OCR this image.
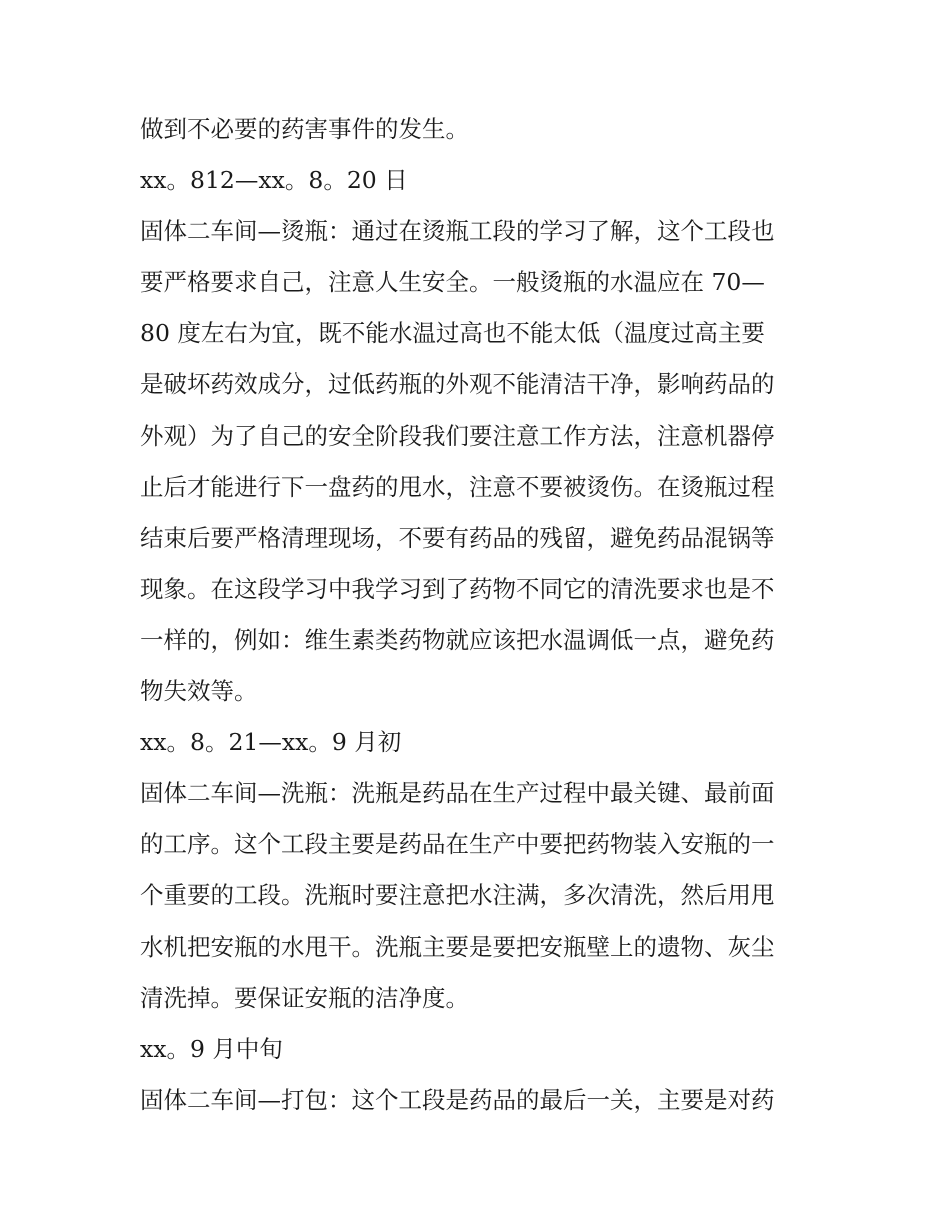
做到不必要的药害事件的发生。
xx。812—xx。8。20 日
固体二车间—烫瓶：通过在烫瓶工段的学习了解，这个工段也
要严格要求自己，注意人生安全。一般烫瓶的水温应在 70—
80 度左右为宜，既不能水温过高也不能太低（温度过高主要
是破坏药效成分，过低药瓶的外观不能清洁干净，影响药品的
外观）为了自己的安全阶段我们要注意工作方法，注意机器停
止后才能进行下一盘药的甩水，注意不要被烫伤。在烫瓶过程
结束后要严格清理现场，不要有药品的残留，避免药品混锅等
现象。在这段学习中我学习到了药物不同它的清洗要求也是不
一样的，例如：维生素类药物就应该把水温调低一点，避免药
物失效等。
xx。8。21—xx。9 月初
固体二车间—洗瓶：洗瓶是药品在生产过程中最关键、最前面
的工序。这个工段主要是药品在生产中要把药物装入安瓶的一
个重要的工段。洗瓶时要注意把水注满，多次清洗，然后用甩
水机把安瓶的水甩干。洗瓶主要是要把安瓶壁上的遗物、灰尘
清洗掉。要保证安瓶的洁净度。
xx。9 月中旬
固体二车间—打包：这个工段是药品的最后一关，主要是对药
